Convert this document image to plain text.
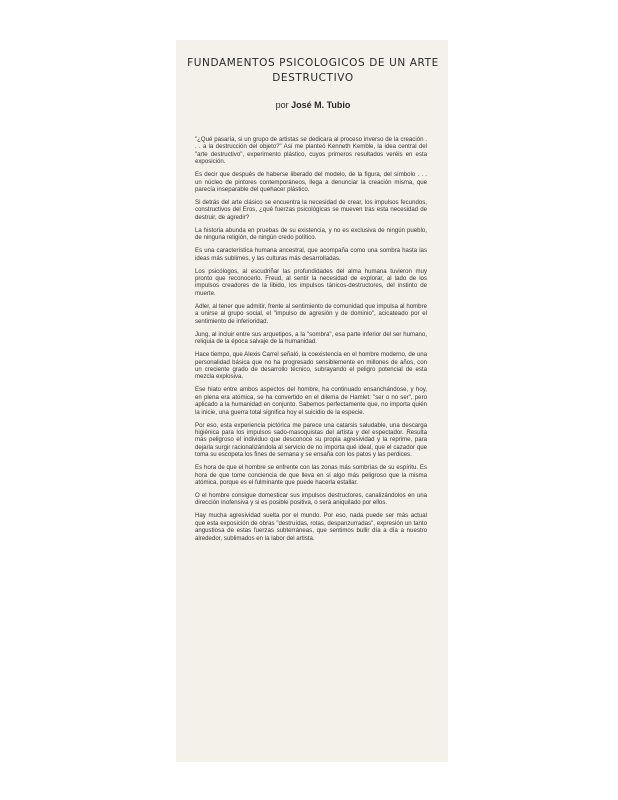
FUNDAMENTOS PSICOLOGICOS DE UN ARTE
DESTRUCTIVO
por José M. Tubio

"¿Qué pasaría, si un grupo de artistas se dedicara al proceso inverso de la creación . . . a la destrucción del objeto?" Así me planteó Kenneth Kemble, la idea central del "arte destructivo", experimento plástico, cuyos primeros resultados veréis en esta exposición.

Es decir que después de haberse liberado del modelo, de la figura, del símbolo . . . un núcleo de pintores contemporáneos, llega a denunciar la creación misma, que parecía inseparable del quehacer plástico.

Si detrás del arte clásico se encuentra la necesidad de crear, los impulsos fecundos, constructivos del Eros, ¿qué fuerzas psicológicas se mueven tras esta necesidad de destruir, de agredir?

La historia abunda en pruebas de su existencia, y no es exclusiva de ningún pueblo, de ninguna religión, de ningún credo político.

Es una característica humana ancestral, que acompaña como una sombra hasta las ideas más sublimes, y las culturas más desarrolladas.

Los psicólogos, al escudriñar las profundidades del alma humana tuvieron muy pronto que reconocerlo. Freud, al sentir la necesidad de explorar, al lado de los impulsos creadores de la libido, los impulsos tánicos-destructores, del instinto de muerte.

Adler, al tener que admitir, frente al sentimiento de comunidad que impulsa al hombre a unirse al grupo social, el "impulso de agresión y de dominio", acicateado por el sentimiento de inferioridad.

Jung, al incluir entre sus arquetipos, a la "sombra", esa parte inferior del ser humano, reliquia de la época salvaje de la humanidad.

Hace tiempo, que Alexis Carrel señaló, la coexistencia en el hombre moderno, de una personalidad básica que no ha progresado sensiblemente en millones de años, con un creciente grado de desarrollo técnico, subrayando el peligro potencial de esta mezcla explosiva.

Ese hiato entre ambos aspectos del hombre, ha continuado ensanchándose, y hoy, en plena era atómica, se ha convertido en el dilema de Hamlet: "ser o no ser", pero aplicado a la humanidad en conjunto. Sabemos perfectamente que, no importa quién la inicie, una guerra total significa hoy el suicidio de la especie.

Por eso, esta experiencia pictórica me parece una catarsis saludable, una descarga higiénica para los impulsos sado-masoquistas del artista y del espectador. Resulta más peligroso el individuo que desconoce su propia agresividad y la reprime, para dejarla surgir racionalizándola al servicio de no importa qué ideal, que el cazador que toma su escopeta los fines de semana y se ensaña con los patos y las perdices.

Es hora de que el hombre se enfrente con las zonas más sombrías de su espíritu. Es hora de que tome conciencia de que lleva en sí algo más peligroso que la misma atómica, porque es el fulminante que puede hacerla estallar.

O el hombre consigue domesticar sus impulsos destructores, canalizándolos en una dirección inofensiva y si es posible positiva, o será aniquilado por ellos.

Hay mucha agresividad suelta por el mundo. Por eso, nada puede ser más actual que esta exposición de obras "destruídas, rotas, despanzurradas", expresión un tanto angustiosa de estas fuerzas subterráneas, que sentimos bullir día a día a nuestro alrededor, sublimados en la labor del artista.
